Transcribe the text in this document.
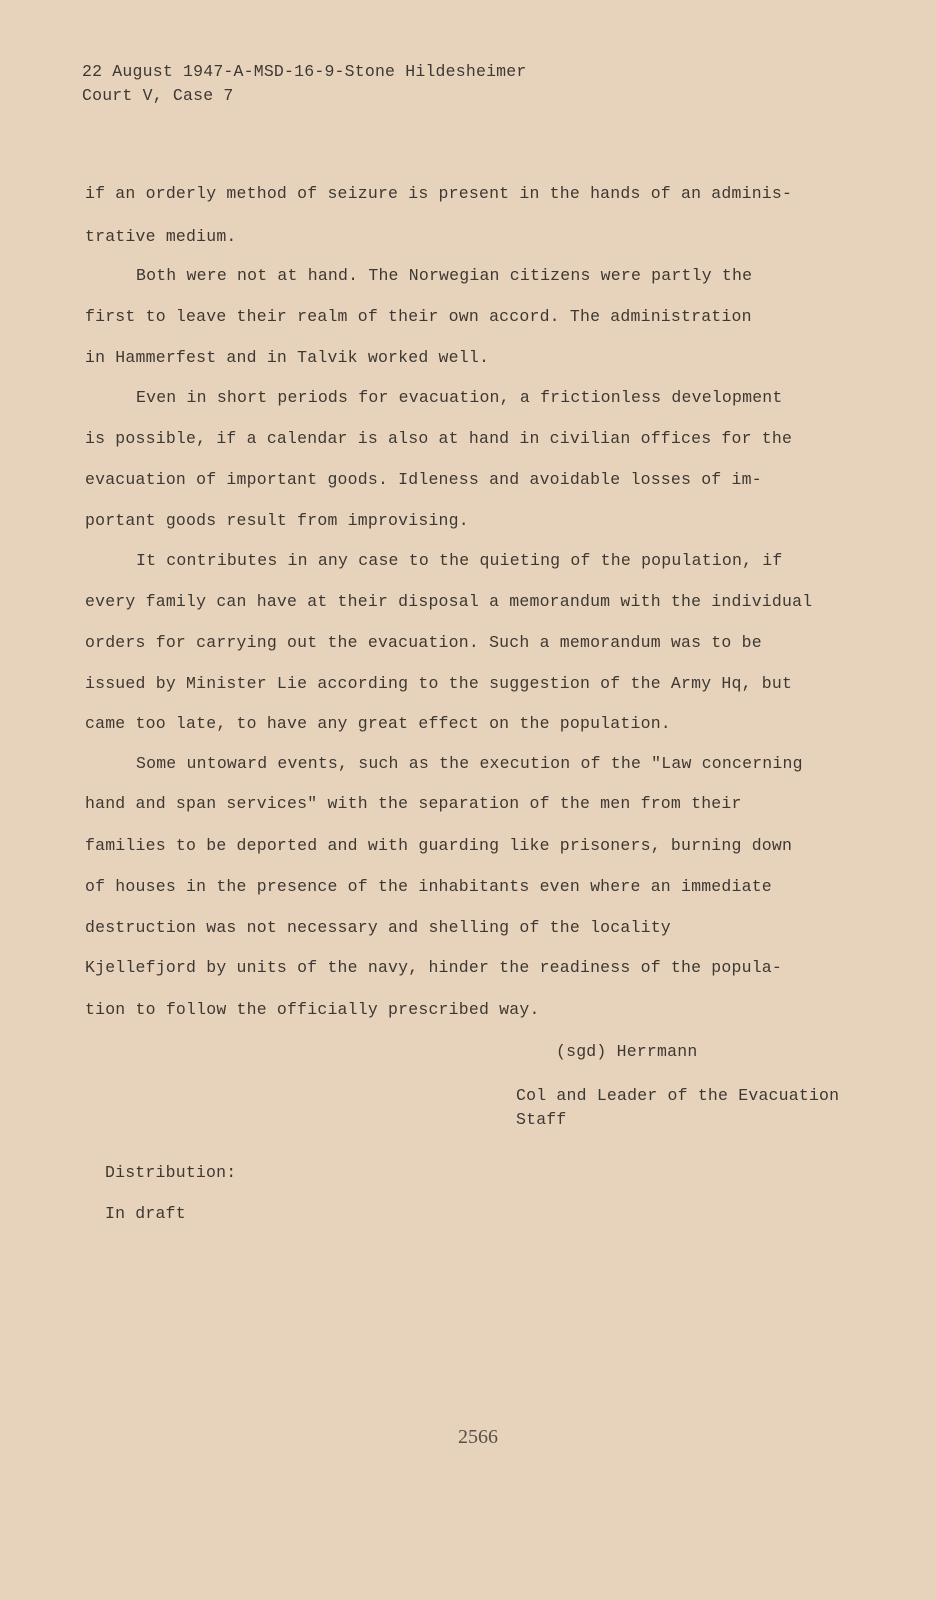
22 August 1947-A-MSD-16-9-Stone Hildesheimer
Court V, Case 7
if an orderly method of seizure is present in the hands of an adminis-
trative medium.
Both were not at hand. The Norwegian citizens were partly the
first to leave their realm of their own accord. The administration
in Hammerfest and in Talvik worked well.
Even in short periods for evacuation, a frictionless development
is possible, if a calendar is also at hand in civilian offices for the
evacuation of important goods. Idleness and avoidable losses of im-
portant goods result from improvising.
It contributes in any case to the quieting of the population, if
every family can have at their disposal a memorandum with the individual
orders for carrying out the evacuation. Such a memorandum was to be
issued by Minister Lie according to the suggestion of the Army Hq, but
came too late, to have any great effect on the population.
Some untoward events, such as the execution of the "Law concerning
hand and span services" with the separation of the men from their
families to be deported and with guarding like prisoners, burning down
of houses in the presence of the inhabitants even where an immediate
destruction was not necessary and shelling of the locality
Kjellefjord by units of the navy, hinder the readiness of the popula-
tion to follow the officially prescribed way.
(sgd) Herrmann
Col and Leader of the Evacuation
Staff
Distribution:
In draft
2566
